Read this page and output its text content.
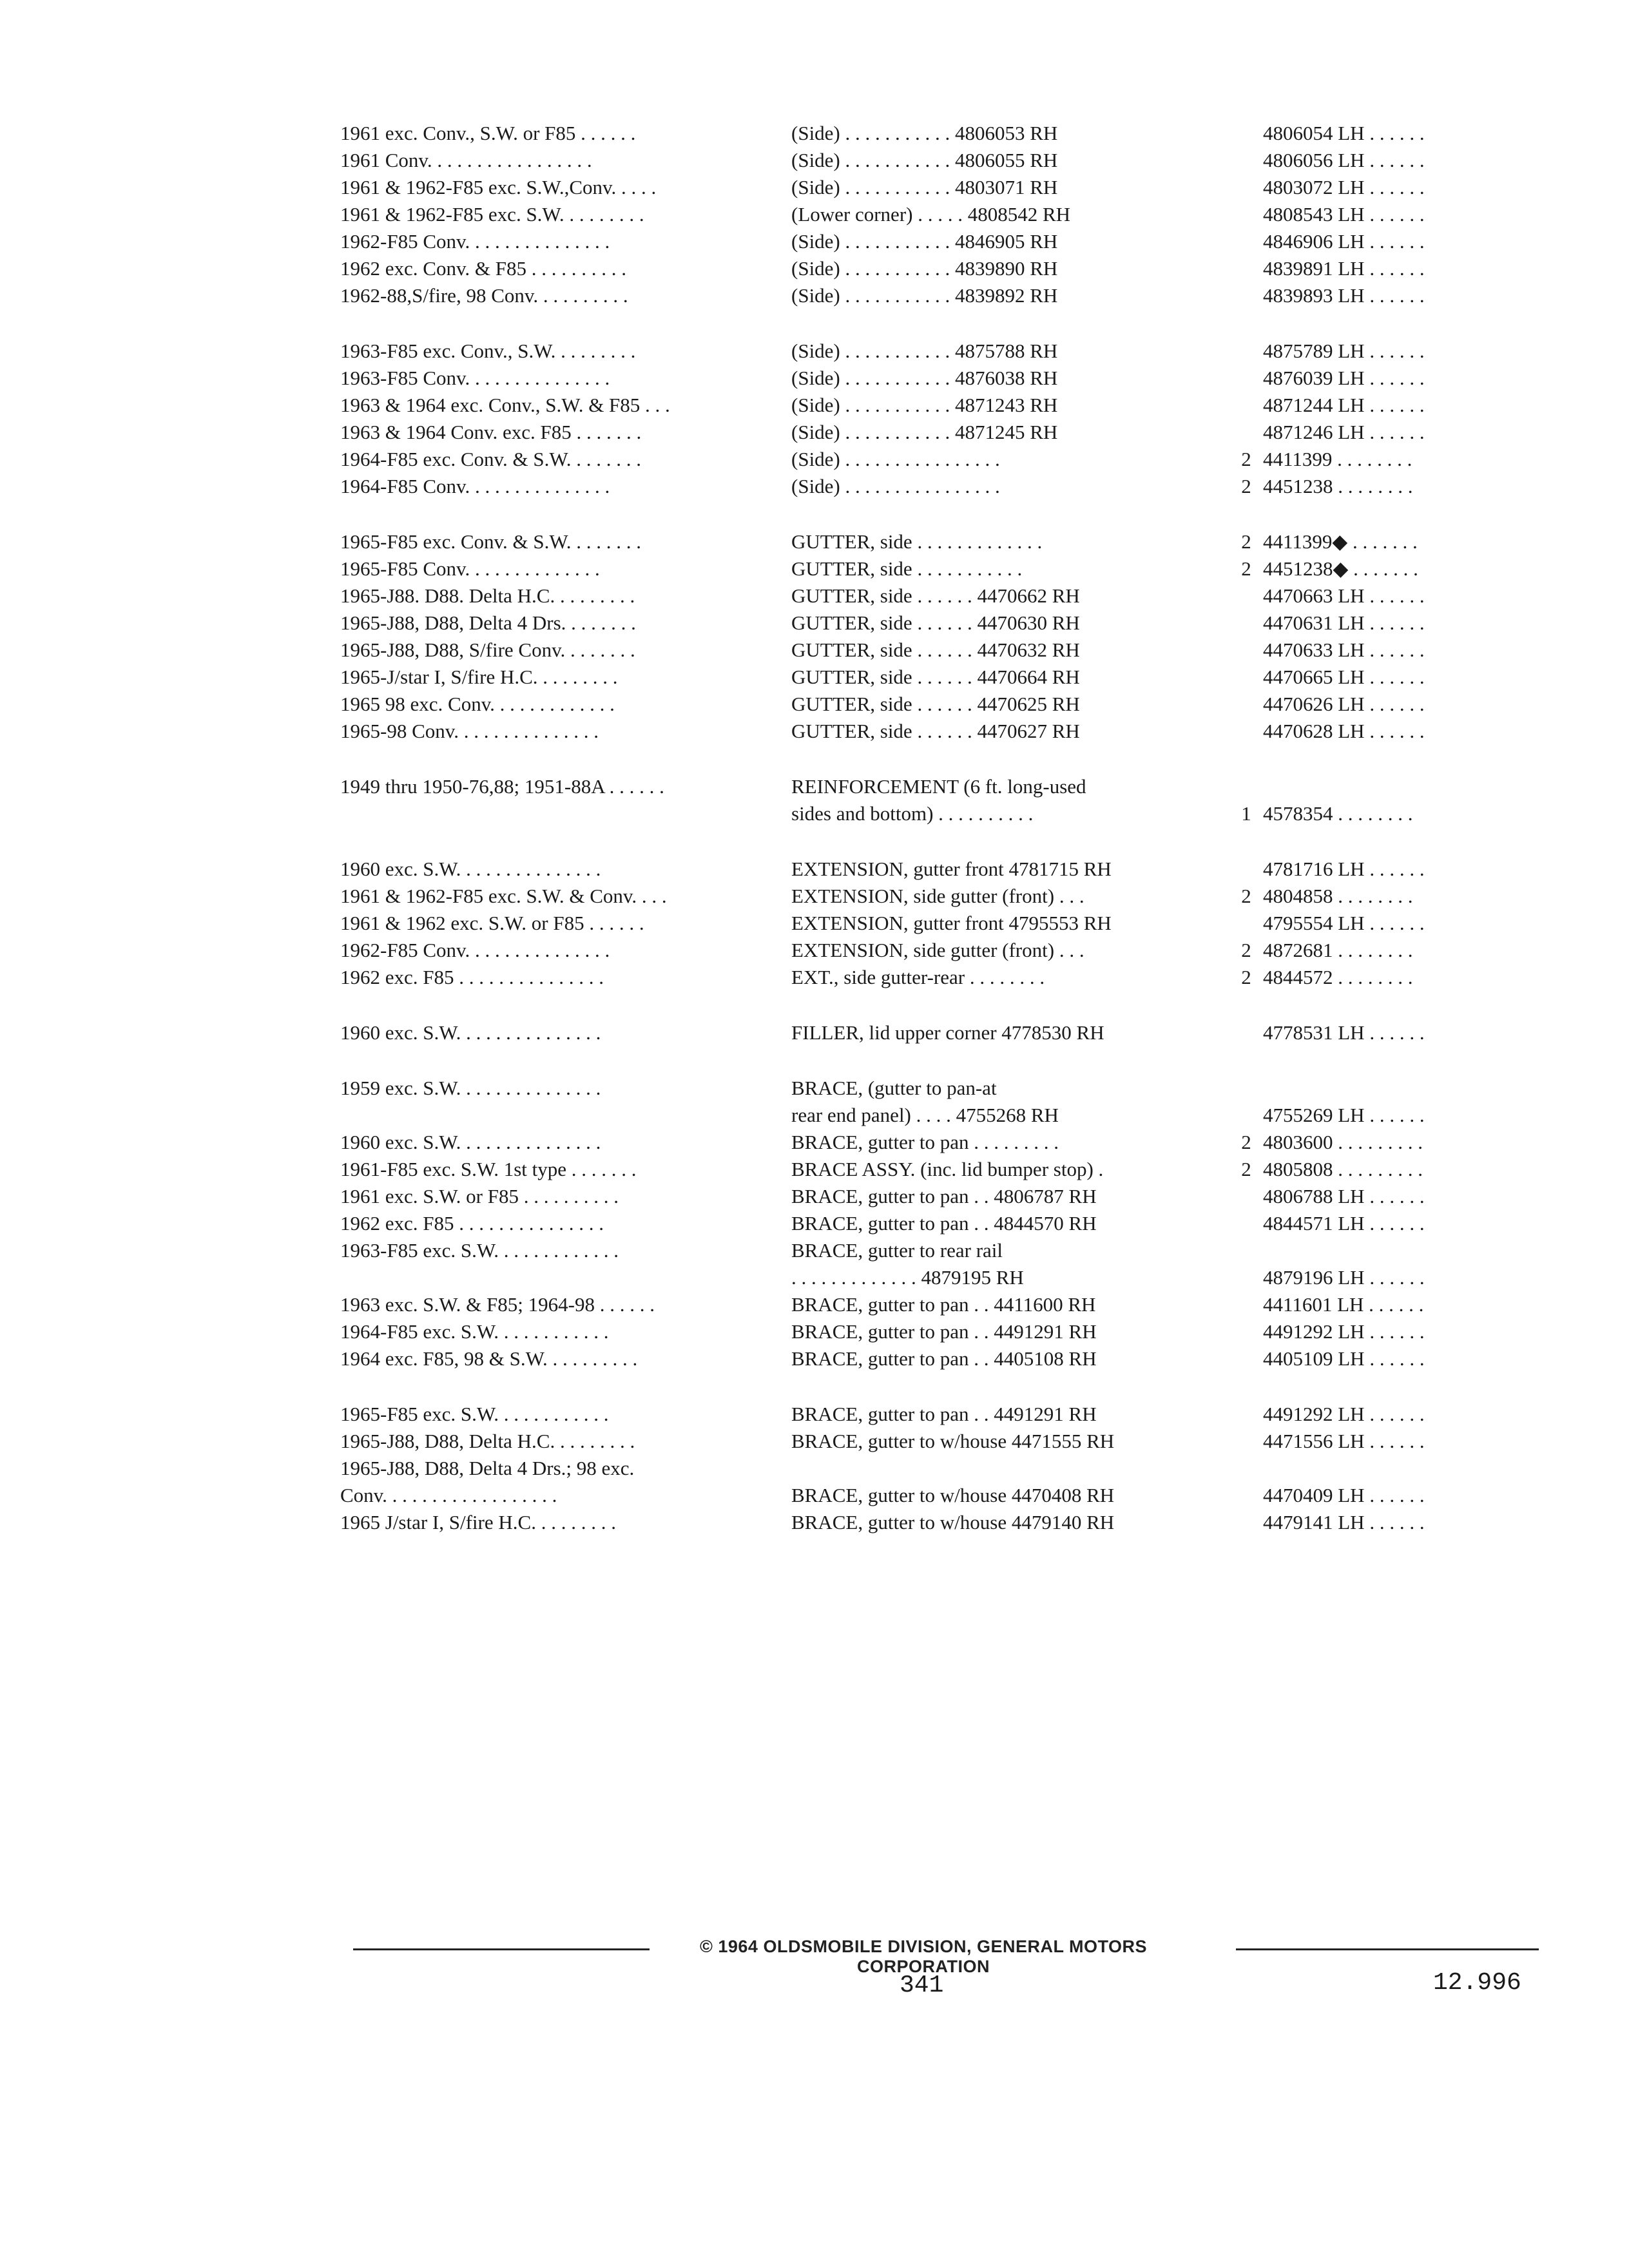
1961 exc. Conv., S.W. or F85 . . . . . .	(Side) . . . . . . . . . . . 4806053 RH	4806054 LH . . . . . .
1961 Conv. . . . . . . . . . . . . . . . .	(Side) . . . . . . . . . . . 4806055 RH	4806056 LH . . . . . .
1961 & 1962-F85 exc. S.W.,Conv. . . . .	(Side) . . . . . . . . . . . 4803071 RH	4803072 LH . . . . . .
1961 & 1962-F85 exc. S.W. . . . . . . . .	(Lower corner) . . . . . 4808542 RH	4808543 LH . . . . . .
1962-F85 Conv. . . . . . . . . . . . . . .	(Side) . . . . . . . . . . . 4846905 RH	4846906 LH . . . . . .
1962 exc. Conv. & F85 . . . . . . . . . .	(Side) . . . . . . . . . . . 4839890 RH	4839891 LH . . . . . .
1962-88,S/fire, 98 Conv. . . . . . . . . .	(Side) . . . . . . . . . . . 4839892 RH	4839893 LH . . . . . .
1963-F85 exc. Conv., S.W. . . . . . . . .	(Side) . . . . . . . . . . . 4875788 RH	4875789 LH . . . . . .
1963-F85 Conv. . . . . . . . . . . . . . .	(Side) . . . . . . . . . . . 4876038 RH	4876039 LH . . . . . .
1963 & 1964 exc. Conv., S.W. & F85 . . .	(Side) . . . . . . . . . . . 4871243 RH	4871244 LH . . . . . .
1963 & 1964 Conv. exc. F85 . . . . . . .	(Side) . . . . . . . . . . . 4871245 RH	4871246 LH . . . . . .
1964-F85 exc. Conv. & S.W. . . . . . . .	(Side) . . . . . . . . . . . . . . . .	2 4411399 . . . . . . . .
1964-F85 Conv. . . . . . . . . . . . . . .	(Side) . . . . . . . . . . . . . . . .	2 4451238 . . . . . . . .
1965-F85 exc. Conv. & S.W. . . . . . . .	GUTTER, side . . . . . . . . . . . . .	2 4411399◆ . . . . . . .
1965-F85 Conv. . . . . . . . . . . . . .	GUTTER, side . . . . . . . . . . .	2 4451238◆ . . . . . . .
1965-J88. D88. Delta H.C. . . . . . . . .	GUTTER, side . . . . . . 4470662 RH	4470663 LH . . . . . .
1965-J88, D88, Delta 4 Drs. . . . . . . .	GUTTER, side . . . . . . 4470630 RH	4470631 LH . . . . . .
1965-J88, D88, S/fire Conv. . . . . . . .	GUTTER, side . . . . . . 4470632 RH	4470633 LH . . . . . .
1965-J/star I, S/fire H.C. . . . . . . . .	GUTTER, side . . . . . . 4470664 RH	4470665 LH . . . . . .
1965 98 exc. Conv. . . . . . . . . . . . .	GUTTER, side . . . . . . 4470625 RH	4470626 LH . . . . . .
1965-98 Conv. . . . . . . . . . . . . . .	GUTTER, side . . . . . . 4470627 RH	4470628 LH . . . . . .
1949 thru 1950-76,88; 1951-88A . . . . . .	REINFORCEMENT (6 ft. long-used
sides and bottom) . . . . . . . . . .	1 4578354 . . . . . . . .
1960 exc. S.W. . . . . . . . . . . . . . .	EXTENSION, gutter front 4781715 RH	4781716 LH . . . . . .
1961 & 1962-F85 exc. S.W. & Conv. . . .	EXTENSION, side gutter (front) . . .	2 4804858 . . . . . . . .
1961 & 1962 exc. S.W. or F85 . . . . . .	EXTENSION, gutter front 4795553 RH	4795554 LH . . . . . .
1962-F85 Conv. . . . . . . . . . . . . . .	EXTENSION, side gutter (front) . . .	2 4872681 . . . . . . . .
1962 exc. F85 . . . . . . . . . . . . . . .	EXT., side gutter-rear . . . . . . . .	2 4844572 . . . . . . . .
1960 exc. S.W. . . . . . . . . . . . . . .	FILLER, lid upper corner 4778530 RH	4778531 LH . . . . . .
1959 exc. S.W. . . . . . . . . . . . . . .	BRACE, (gutter to pan-at
rear end panel) . . . . 4755268 RH	4755269 LH . . . . . .
1960 exc. S.W. . . . . . . . . . . . . . .	BRACE, gutter to pan . . . . . . . . .	2 4803600 . . . . . . . . .
1961-F85 exc. S.W. 1st type . . . . . . .	BRACE ASSY. (inc. lid bumper stop) .	2 4805808 . . . . . . . . .
1961 exc. S.W. or F85 . . . . . . . . . .	BRACE, gutter to pan . . 4806787 RH	4806788 LH . . . . . .
1962 exc. F85 . . . . . . . . . . . . . . .	BRACE, gutter to pan . . 4844570 RH	4844571 LH . . . . . .
1963-F85 exc. S.W. . . . . . . . . . . . .	BRACE, gutter to rear rail
. . . . . . . . . . . . . 4879195 RH	4879196 LH . . . . . .
1963 exc. S.W. & F85; 1964-98 . . . . . .	BRACE, gutter to pan . . 4411600 RH	4411601 LH . . . . . .
1964-F85 exc. S.W. . . . . . . . . . . .	BRACE, gutter to pan . . 4491291 RH	4491292 LH . . . . . .
1964 exc. F85, 98 & S.W. . . . . . . . . .	BRACE, gutter to pan . . 4405108 RH	4405109 LH . . . . . .
1965-F85 exc. S.W. . . . . . . . . . . .	BRACE, gutter to pan . . 4491291 RH	4491292 LH . . . . . .
1965-J88, D88, Delta H.C. . . . . . . . .	BRACE, gutter to w/house 4471555 RH	4471556 LH . . . . . .
1965-J88, D88, Delta 4 Drs.; 98 exc.
Conv. . . . . . . . . . . . . . . . . .	BRACE, gutter to w/house 4470408 RH	4470409 LH . . . . . .
1965 J/star I, S/fire H.C. . . . . . . . .	BRACE, gutter to w/house 4479140 RH	4479141 LH . . . . . .
© 1964 OLDSMOBILE DIVISION, GENERAL MOTORS CORPORATION
341	12.996
